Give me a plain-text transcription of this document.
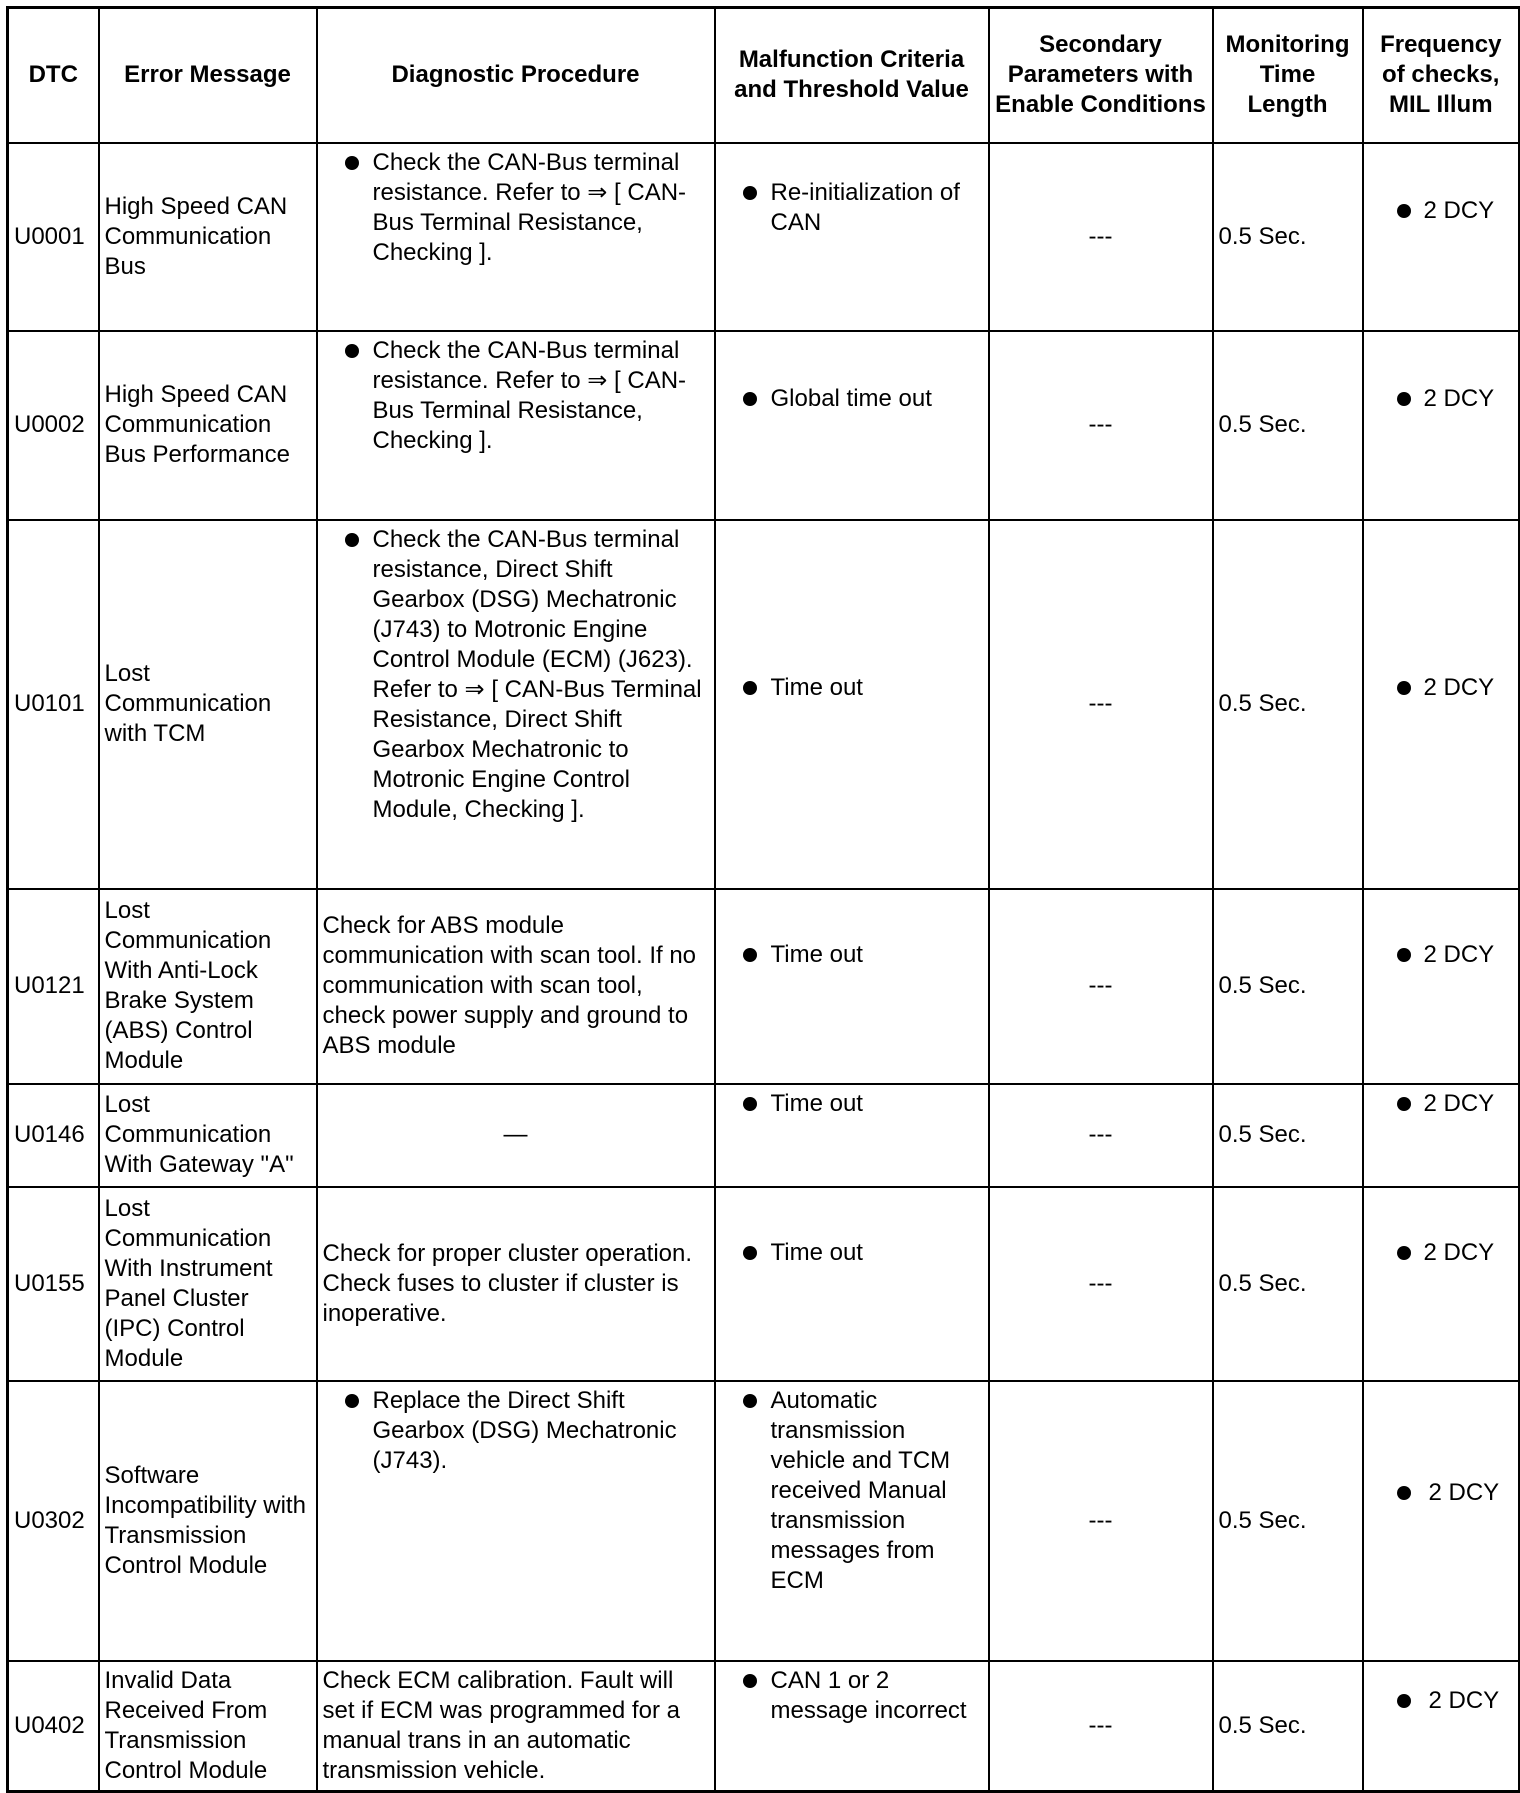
DTC	Error Message	Diagnostic Procedure	Malfunction Criteria and Threshold Value	Secondary Parameters with Enable Conditions	Monitoring Time Length	Frequency of checks, MIL Illum
U0001	High Speed CAN Communication Bus	Check the CAN-Bus terminal resistance. Refer to ⇒ [ CAN-Bus Terminal Resistance, Checking ].	Re-initialization of CAN	---	0.5 Sec.	2 DCY

U0002	High Speed CAN Communication Bus Performance	Check the CAN-Bus terminal resistance. Refer to ⇒ [ CAN-Bus Terminal Resistance, Checking ].	Global time out	---	0.5 Sec.	2 DCY

U0101	Lost Communication with TCM	Check the CAN-Bus terminal resistance, Direct Shift Gearbox (DSG) Mechatronic (J743) to Motronic Engine Control Module (ECM) (J623). Refer to ⇒ [ CAN-Bus Terminal Resistance, Direct Shift Gearbox Mechatronic to Motronic Engine Control Module, Checking ].	Time out	---	0.5 Sec.	2 DCY

U0121	Lost Communication With Anti-Lock Brake System (ABS) Control Module	Check for ABS module communication with scan tool. If no communication with scan tool, check power supply and ground to ABS module	Time out	---	0.5 Sec.	2 DCY

U0146	Lost Communication With Gateway "A"	—	Time out	---	0.5 Sec.	2 DCY

U0155	Lost Communication With Instrument Panel Cluster (IPC) Control Module	Check for proper cluster operation. Check fuses to cluster if cluster is inoperative.	Time out	---	0.5 Sec.	2 DCY

U0302	Software Incompatibility with Transmission Control Module	Replace the Direct Shift Gearbox (DSG) Mechatronic (J743).	Automatic transmission vehicle and TCM received Manual transmission messages from ECM	---	0.5 Sec.	2 DCY

U0402	Invalid Data Received From Transmission Control Module	Check ECM calibration. Fault will set if ECM was programmed for a manual trans in an automatic transmission vehicle.	CAN 1 or 2 message incorrect	---	0.5 Sec.	2 DCY
